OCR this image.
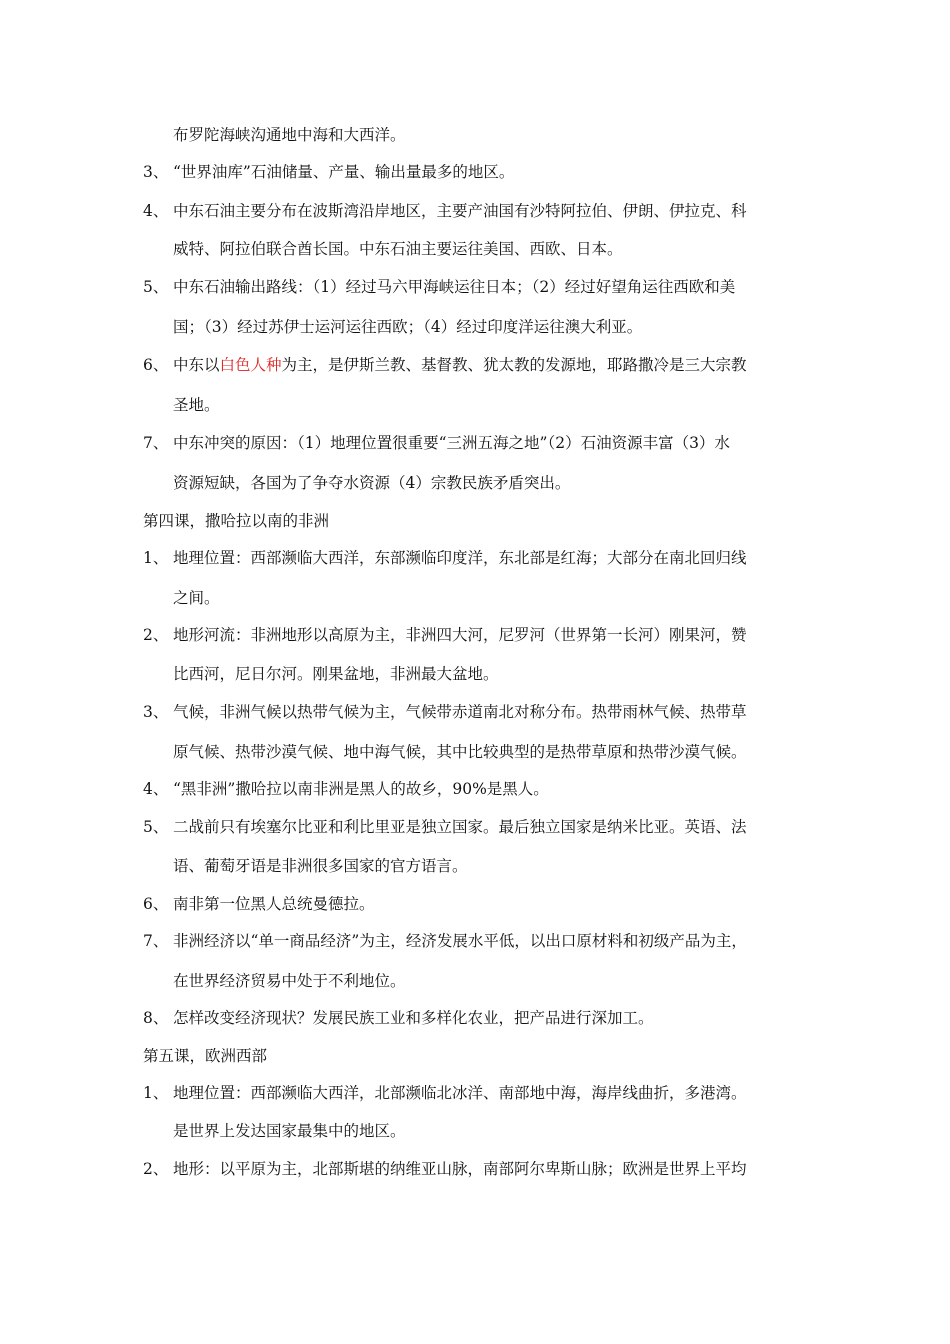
布罗陀海峡沟通地中海和大西洋。
3、 “世界油库”石油储量、产量、输出量最多的地区。
4、 中东石油主要分布在波斯湾沿岸地区，主要产油国有沙特阿拉伯、伊朗、伊拉克、科
威特、阿拉伯联合酋长国。中东石油主要运往美国、西欧、日本。
5、 中东石油输出路线：（1）经过马六甲海峡运往日本；（2）经过好望角运往西欧和美
国；（3）经过苏伊士运河运往西欧；（4）经过印度洋运往澳大利亚。
6、 中东以白色人种为主，是伊斯兰教、基督教、犹太教的发源地，耶路撒冷是三大宗教
圣地。
7、 中东冲突的原因：（1）地理位置很重要“三洲五海之地”（2）石油资源丰富（3）水
资源短缺，各国为了争夺水资源（4）宗教民族矛盾突出。
第四课，撒哈拉以南的非洲
1、 地理位置：西部濒临大西洋，东部濒临印度洋，东北部是红海；大部分在南北回归线
之间。
2、 地形河流：非洲地形以高原为主，非洲四大河，尼罗河（世界第一长河）刚果河，赞
比西河，尼日尔河。刚果盆地，非洲最大盆地。
3、 气候，非洲气候以热带气候为主，气候带赤道南北对称分布。热带雨林气候、热带草
原气候、热带沙漠气候、地中海气候，其中比较典型的是热带草原和热带沙漠气候。
4、 “黑非洲”撒哈拉以南非洲是黑人的故乡，90%是黑人。
5、 二战前只有埃塞尔比亚和利比里亚是独立国家。最后独立国家是纳米比亚。英语、法
语、葡萄牙语是非洲很多国家的官方语言。
6、 南非第一位黑人总统曼德拉。
7、 非洲经济以“单一商品经济”为主，经济发展水平低，以出口原材料和初级产品为主，
在世界经济贸易中处于不利地位。
8、 怎样改变经济现状？发展民族工业和多样化农业，把产品进行深加工。
第五课，欧洲西部
1、 地理位置：西部濒临大西洋，北部濒临北冰洋、南部地中海，海岸线曲折，多港湾。
是世界上发达国家最集中的地区。
2、 地形：以平原为主，北部斯堪的纳维亚山脉，南部阿尔卑斯山脉；欧洲是世界上平均
